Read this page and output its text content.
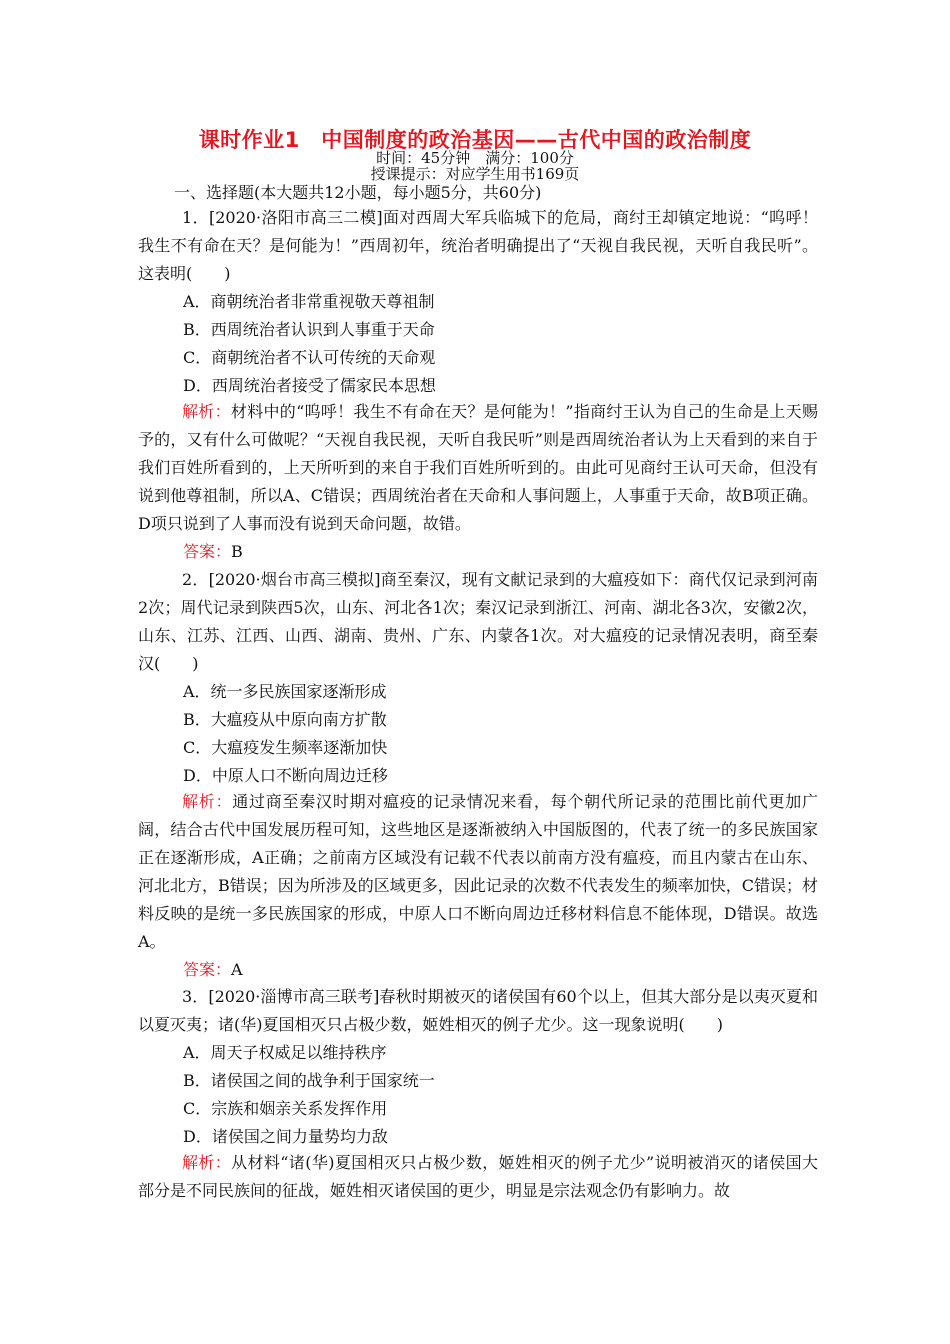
课时作业1　中国制度的政治基因——古代中国的政治制度
时间：45分钟　满分：100分
授课提示：对应学生用书169页
一、选择题(本大题共12小题，每小题5分，共60分)
1．[2020·洛阳市高三二模]面对西周大军兵临城下的危局，商纣王却镇定地说：“呜呼！我生不有命在天？是何能为！”西周初年，统治者明确提出了“天视自我民视，天听自我民听”。这表明(　　)
A．商朝统治者非常重视敬天尊祖制
B．西周统治者认识到人事重于天命
C．商朝统治者不认可传统的天命观
D．西周统治者接受了儒家民本思想
解析：材料中的“呜呼！我生不有命在天？是何能为！”指商纣王认为自己的生命是上天赐予的，又有什么可做呢？“天视自我民视，天听自我民听”则是西周统治者认为上天看到的来自于我们百姓所看到的，上天所听到的来自于我们百姓所听到的。由此可见商纣王认可天命，但没有说到他尊祖制，所以A、C错误；西周统治者在天命和人事问题上，人事重于天命，故B项正确。D项只说到了人事而没有说到天命问题，故错。
答案：B
2．[2020·烟台市高三模拟]商至秦汉，现有文献记录到的大瘟疫如下：商代仅记录到河南2次；周代记录到陕西5次，山东、河北各1次；秦汉记录到浙江、河南、湖北各3次，安徽2次，山东、江苏、江西、山西、湖南、贵州、广东、内蒙各1次。对大瘟疫的记录情况表明，商至秦汉(　　)
A．统一多民族国家逐渐形成
B．大瘟疫从中原向南方扩散
C．大瘟疫发生频率逐渐加快
D．中原人口不断向周边迁移
解析：通过商至秦汉时期对瘟疫的记录情况来看，每个朝代所记录的范围比前代更加广阔，结合古代中国发展历程可知，这些地区是逐渐被纳入中国版图的，代表了统一的多民族国家正在逐渐形成，A正确；之前南方区域没有记载不代表以前南方没有瘟疫，而且内蒙古在山东、河北北方，B错误；因为所涉及的区域更多，因此记录的次数不代表发生的频率加快，C错误；材料反映的是统一多民族国家的形成，中原人口不断向周边迁移材料信息不能体现，D错误。故选A。
答案：A
3．[2020·淄博市高三联考]春秋时期被灭的诸侯国有60个以上，但其大部分是以夷灭夏和以夏灭夷；诸(华)夏国相灭只占极少数，姬姓相灭的例子尤少。这一现象说明(　　)
A．周天子权威足以维持秩序
B．诸侯国之间的战争利于国家统一
C．宗族和姻亲关系发挥作用
D．诸侯国之间力量势均力敌
解析：从材料“诸(华)夏国相灭只占极少数，姬姓相灭的例子尤少”说明被消灭的诸侯国大部分是不同民族间的征战，姬姓相灭诸侯国的更少，明显是宗法观念仍有影响力。故
